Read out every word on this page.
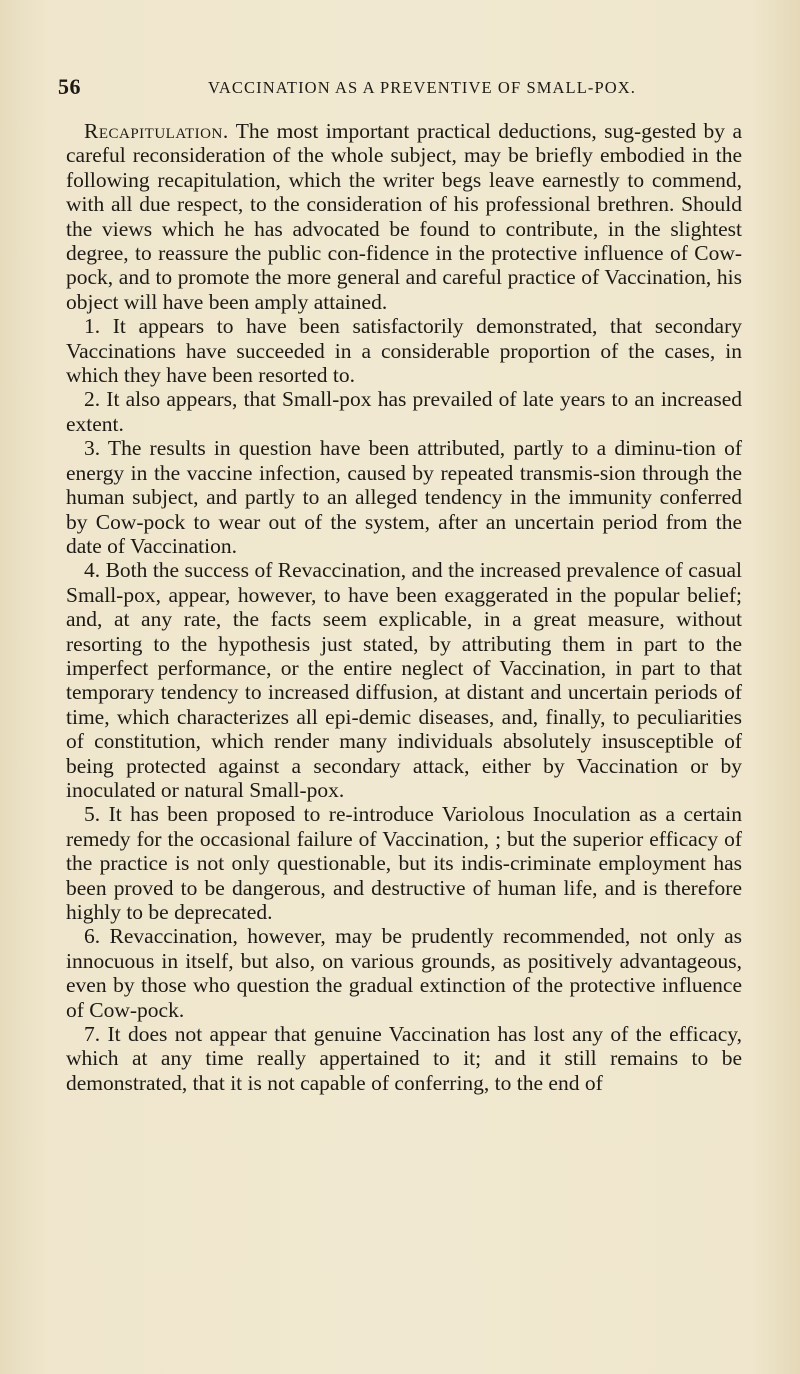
56	VACCINATION AS A PREVENTIVE OF SMALL-POX.

Recapitulation. The most important practical deductions, sug-gested by a careful reconsideration of the whole subject, may be briefly embodied in the following recapitulation, which the writer begs leave earnestly to commend, with all due respect, to the consideration of his professional brethren. Should the views which he has advocated be found to contribute, in the slightest degree, to reassure the public con-fidence in the protective influence of Cow-pock, and to promote the more general and careful practice of Vaccination, his object will have been amply attained.

1. It appears to have been satisfactorily demonstrated, that secondary Vaccinations have succeeded in a considerable proportion of the cases, in which they have been resorted to.

2. It also appears, that Small-pox has prevailed of late years to an increased extent.

3. The results in question have been attributed, partly to a diminu-tion of energy in the vaccine infection, caused by repeated transmis-sion through the human subject, and partly to an alleged tendency in the immunity conferred by Cow-pock to wear out of the system, after an uncertain period from the date of Vaccination.

4. Both the success of Revaccination, and the increased prevalence of casual Small-pox, appear, however, to have been exaggerated in the popular belief; and, at any rate, the facts seem explicable, in a great measure, without resorting to the hypothesis just stated, by attributing them in part to the imperfect performance, or the entire neglect of Vaccination, in part to that temporary tendency to increased diffusion, at distant and uncertain periods of time, which characterizes all epi-demic diseases, and, finally, to peculiarities of constitution, which render many individuals absolutely insusceptible of being protected against a secondary attack, either by Vaccination or by inoculated or natural Small-pox.

5. It has been proposed to re-introduce Variolous Inoculation as a certain remedy for the occasional failure of Vaccination, ; but the superior efficacy of the practice is not only questionable, but its indis-criminate employment has been proved to be dangerous, and destructive of human life, and is therefore highly to be deprecated.

6. Revaccination, however, may be prudently recommended, not only as innocuous in itself, but also, on various grounds, as positively advantageous, even by those who question the gradual extinction of the protective influence of Cow-pock.

7. It does not appear that genuine Vaccination has lost any of the efficacy, which at any time really appertained to it; and it still remains to be demonstrated, that it is not capable of conferring, to the end of
